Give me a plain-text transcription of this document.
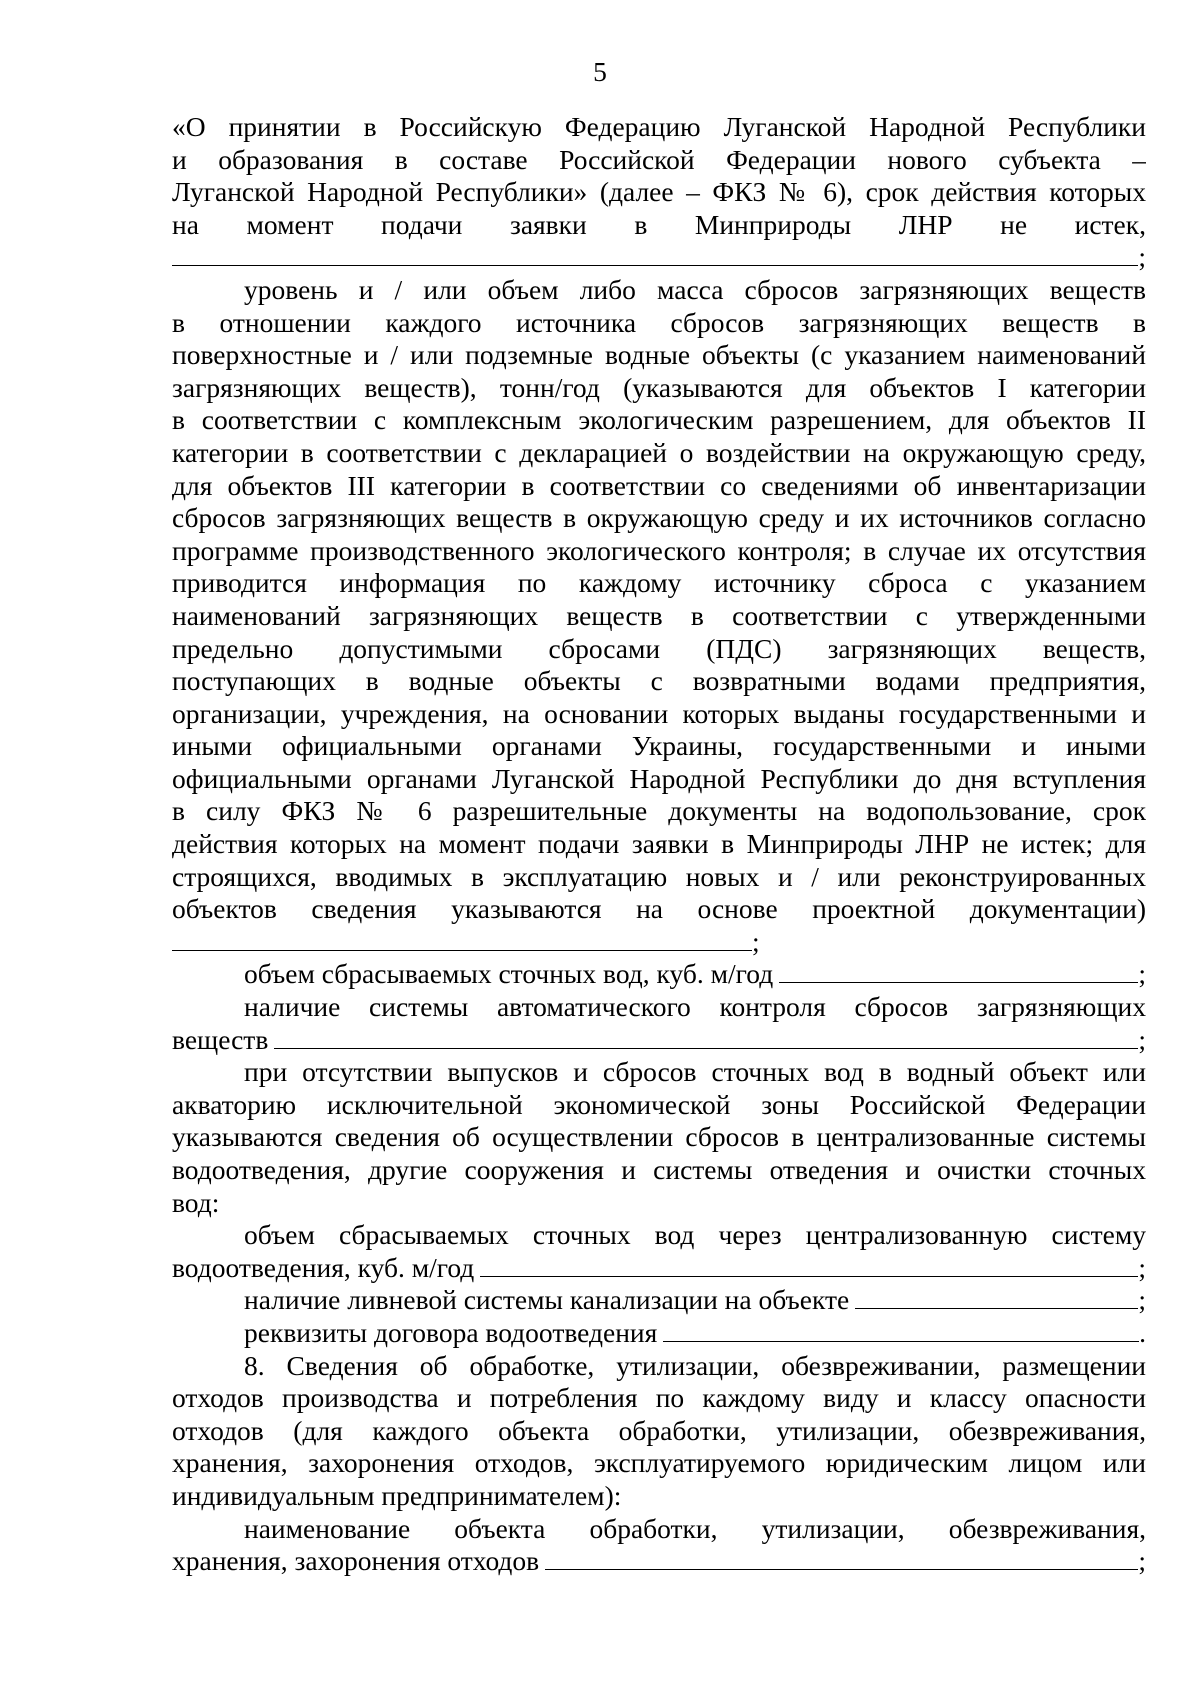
5
«О принятии в Российскую Федерацию Луганской Народной Республики
и образования в составе Российской Федерации нового субъекта –
Луганской Народной Республики» (далее – ФКЗ № 6), срок действия которых
на момент подачи заявки в Минприроды ЛНР не истек,
;
уровень и / или объем либо масса сбросов загрязняющих веществ
в отношении каждого источника сбросов загрязняющих веществ в
поверхностные и / или подземные водные объекты (с указанием наименований
загрязняющих веществ), тонн/год (указываются для объектов I категории
в соответствии с комплексным экологическим разрешением, для объектов II
категории в соответствии с декларацией о воздействии на окружающую среду,
для объектов III категории в соответствии со сведениями об инвентаризации
сбросов загрязняющих веществ в окружающую среду и их источников согласно
программе производственного экологического контроля; в случае их отсутствия
приводится информация по каждому источнику сброса с указанием
наименований загрязняющих веществ в соответствии с утвержденными
предельно допустимыми сбросами (ПДС) загрязняющих веществ,
поступающих в водные объекты с возвратными водами предприятия,
организации, учреждения, на основании которых выданы государственными и
иными официальными органами Украины, государственными и иными
официальными органами Луганской Народной Республики до дня вступления
в силу ФКЗ № 6 разрешительные документы на водопользование, срок
действия которых на момент подачи заявки в Минприроды ЛНР не истек; для
строящихся, вводимых в эксплуатацию новых и / или реконструированных
объектов сведения указываются на основе проектной документации)
;
объем сбрасываемых сточных вод, куб. м/год	;
наличие системы автоматического контроля сбросов загрязняющих
веществ	;
при отсутствии выпусков и сбросов сточных вод в водный объект или
акваторию исключительной экономической зоны Российской Федерации
указываются сведения об осуществлении сбросов в централизованные системы
водоотведения, другие сооружения и системы отведения и очистки сточных
вод:
объем сбрасываемых сточных вод через централизованную систему
водоотведения, куб. м/год	;
наличие ливневой системы канализации на объекте	;
реквизиты договора водоотведения	.
8. Сведения об обработке, утилизации, обезвреживании, размещении
отходов производства и потребления по каждому виду и классу опасности
отходов (для каждого объекта обработки, утилизации, обезвреживания,
хранения, захоронения отходов, эксплуатируемого юридическим лицом или
индивидуальным предпринимателем):
наименование объекта обработки, утилизации, обезвреживания,
хранения, захоронения отходов	;
